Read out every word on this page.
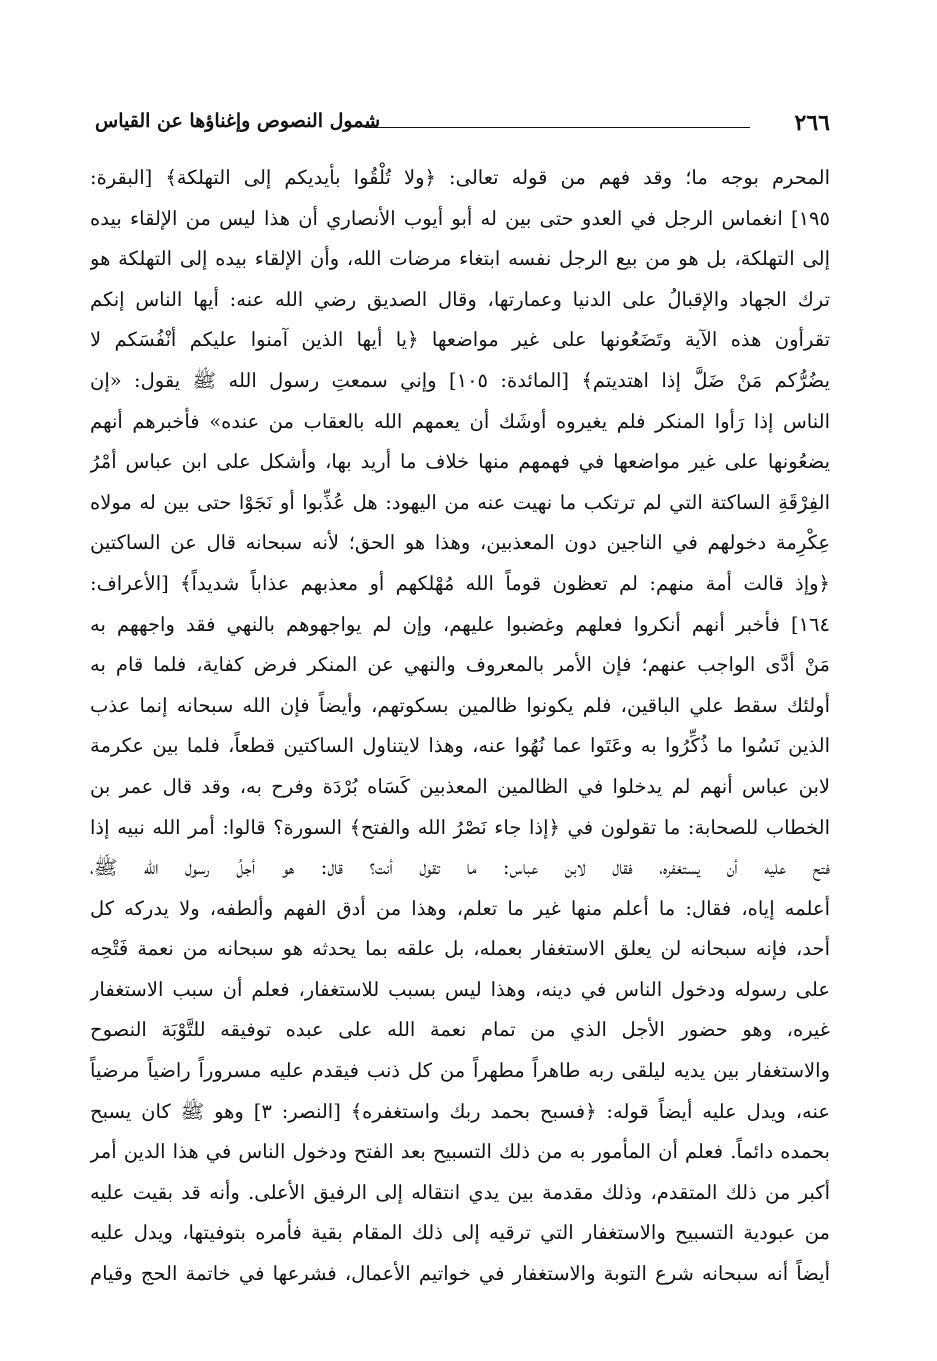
٢٦٦
شمول النصوص وإغناؤها عن القياس
المحرم بوجه ما؛ وقد فهم من قوله تعالى: ﴿ولا تُلْقُوا بأيديكم إلى التهلكة﴾ [البقرة:
١٩٥] انغماس الرجل في العدو حتى بين له أبو أيوب الأنصاري أن هذا ليس من الإلقاء بيده
إلى التهلكة، بل هو من بيع الرجل نفسه ابتغاء مرضات الله، وأن الإلقاء بيده إلى التهلكة هو
ترك الجهاد والإقبالُ على الدنيا وعمارتها، وقال الصديق رضي الله عنه: أيها الناس إنكم
تقرأون هذه الآية وتَضَعُونها على غير مواضعها ﴿يا أيها الذين آمنوا عليكم أنْفُسَكم لا
يضُرُّكم مَنْ ضَلَّ إذا اهتديتم﴾ [المائدة: ١٠٥] وإني سمعتِ رسول الله ﷺ يقول: «إن
الناس إذا رَأوا المنكر فلم يغيروه أوشَك أن يعمهم الله بالعقاب من عنده» فأخبرهم أنهم
يضعُونها على غير مواضعها في فهمهم منها خلاف ما أريد بها، وأشكل على ابن عباس أمْرُ
الفِرْقَةِ الساكتة التي لم ترتكب ما نهيت عنه من اليهود: هل عُذِّبوا أو نَجَوْا حتى بين له مولاه
عِكْرِمة دخولهم في الناجين دون المعذبين، وهذا هو الحق؛ لأنه سبحانه قال عن الساكتين
﴿وإذ قالت أمة منهم: لم تعظون قوماً الله مُهْلكهم أو معذبهم عذاباً شديداً﴾ [الأعراف:
١٦٤] فأخبر أنهم أنكروا فعلهم وغضبوا عليهم، وإن لم يواجهوهم بالنهي فقد واجههم به
مَنْ أدَّى الواجب عنهم؛ فإن الأمر بالمعروف والنهي عن المنكر فرض كفاية، فلما قام به
أولئك سقط علي الباقين، فلم يكونوا ظالمين بسكوتهم، وأيضاً فإن الله سبحانه إنما عذب
الذين نَسُوا ما ذُكِّرُوا به وعَتَوا عما نُهُوا عنه، وهذا لايتناول الساكتين قطعاً، فلما بين عكرمة
لابن عباس أنهم لم يدخلوا في الظالمين المعذبين كَسَاه بُرْدَة وفرح به، وقد قال عمر بن
الخطاب للصحابة: ما تقولون في ﴿إذا جاء نَصْرُ الله والفتح﴾ السورة؟ قالوا: أمر الله نبيه إذا
فتح عليه أن يستغفره، فقال لابن عباس: ما تقول أنت؟ قال: هو أجلُ رسول الله ﷺ،
أعلمه إياه، فقال: ما أعلم منها غير ما تعلم، وهذا من أدق الفهم وألطفه، ولا يدركه كل
أحد، فإنه سبحانه لن يعلق الاستغفار بعمله، بل علقه بما يحدثه هو سبحانه من نعمة فَتْحِه
على رسوله ودخول الناس في دينه، وهذا ليس بسبب للاستغفار، فعلم أن سبب الاستغفار
غيره، وهو حضور الأجل الذي من تمام نعمة الله على عبده توفيقه للتَّوْبَة النصوح
والاستغفار بين يديه ليلقى ربه طاهراً مطهراً من كل ذنب فيقدم عليه مسروراً راضياً مرضياً
عنه، ويدل عليه أيضاً قوله: ﴿فسبح بحمد ربك واستغفره﴾ [النصر: ٣] وهو ﷺ كان يسبح
بحمده دائماً. فعلم أن المأمور به من ذلك التسبيح بعد الفتح ودخول الناس في هذا الدين أمر
أكبر من ذلك المتقدم، وذلك مقدمة بين يدي انتقاله إلى الرفيق الأعلى. وأنه قد بقيت عليه
من عبودية التسبيح والاستغفار التي ترقيه إلى ذلك المقام بقية فأمره بتوفيتها، ويدل عليه
أيضاً أنه سبحانه شرع التوبة والاستغفار في خواتيم الأعمال، فشرعها في خاتمة الحج وقيام
